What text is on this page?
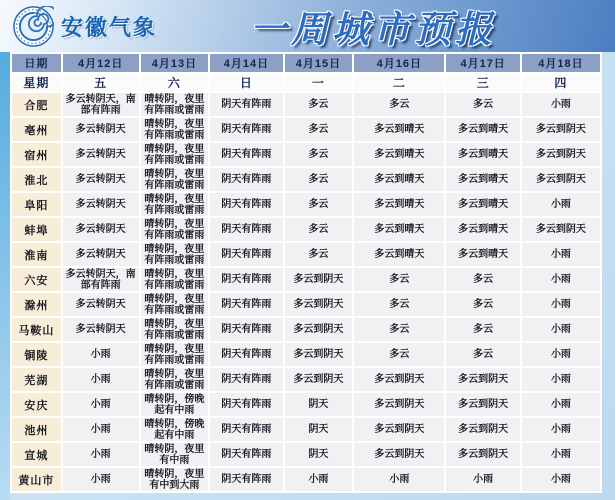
安徽气象	一周城市预报
日期	4月12日	4月13日	4月14日	4月15日	4月16日	4月17日	4月18日
星期	五	六	日	一	二	三	四
合肥	多云转阴天，南部有阵雨	晴转阴，夜里有阵雨或雷雨	阴天有阵雨	多云	多云	多云	小雨
亳州	多云转阴天	晴转阴，夜里有阵雨或雷雨	阴天有阵雨	多云	多云到晴天	多云到晴天	多云到阴天
宿州	多云转阴天	晴转阴，夜里有阵雨或雷雨	阴天有阵雨	多云	多云到晴天	多云到晴天	多云到阴天
淮北	多云转阴天	晴转阴，夜里有阵雨或雷雨	阴天有阵雨	多云	多云到晴天	多云到晴天	多云到阴天
阜阳	多云转阴天	晴转阴，夜里有阵雨或雷雨	阴天有阵雨	多云	多云到晴天	多云到晴天	小雨
蚌埠	多云转阴天	晴转阴，夜里有阵雨或雷雨	阴天有阵雨	多云	多云到晴天	多云到晴天	多云到阴天
淮南	多云转阴天	晴转阴，夜里有阵雨或雷雨	阴天有阵雨	多云	多云到晴天	多云到晴天	小雨
六安	多云转阴天，南部有阵雨	晴转阴，夜里有阵雨或雷雨	阴天有阵雨	多云到阴天	多云	多云	小雨
滁州	多云转阴天	晴转阴，夜里有阵雨或雷雨	阴天有阵雨	多云到阴天	多云	多云	小雨
马鞍山	多云转阴天	晴转阴，夜里有阵雨或雷雨	阴天有阵雨	多云到阴天	多云	多云	小雨
铜陵	小雨	晴转阴，夜里有阵雨或雷雨	阴天有阵雨	多云到阴天	多云	多云	小雨
芜湖	小雨	晴转阴，夜里有阵雨或雷雨	阴天有阵雨	多云到阴天	多云到阴天	多云到阴天	小雨
安庆	小雨	晴转阴，傍晚起有中雨	阴天有阵雨	阴天	多云到阴天	多云到阴天	小雨
池州	小雨	晴转阴，傍晚起有中雨	阴天有阵雨	阴天	多云到阴天	多云到阴天	小雨
宣城	小雨	晴转阴，夜里有中雨	阴天有阵雨	阴天	多云到阴天	多云到阴天	小雨
黄山市	小雨	晴转阴，夜里有中到大雨	阴天有阵雨	小雨	小雨	小雨	小雨
